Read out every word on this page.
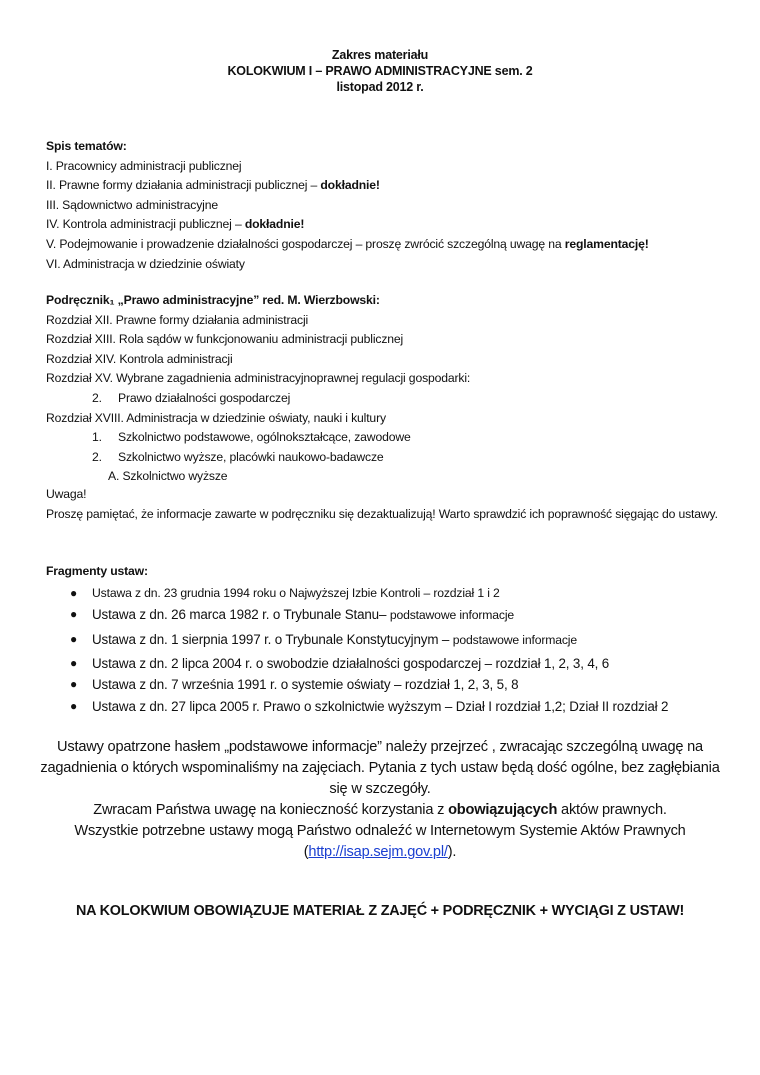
Zakres materiału
KOLOKWIUM I – PRAWO ADMINISTRACYJNE sem. 2
listopad 2012 r.
Spis tematów:
I. Pracownicy administracji publicznej
II. Prawne formy działania administracji publicznej – dokładnie!
III. Sądownictwo administracyjne
IV. Kontrola administracji publicznej – dokładnie!
V. Podejmowanie i prowadzenie działalności gospodarczej – proszę zwrócić szczególną uwagę na reglamentację!
VI. Administracja w dziedzinie oświaty
Podręcznik₁ „Prawo administracyjne” red. M. Wierzbowski:
Rozdział XII. Prawne formy działania administracji
Rozdział XIII. Rola sądów w funkcjonowaniu administracji publicznej
Rozdział XIV. Kontrola administracji
Rozdział XV. Wybrane zagadnienia administracyjnoprawnej regulacji gospodarki:
2. Prawo działalności gospodarczej
Rozdział XVIII. Administracja w dziedzinie oświaty, nauki i kultury
1. Szkolnictwo podstawowe, ogólnokształcące, zawodowe
2. Szkolnictwo wyższe, placówki naukowo-badawcze
A. Szkolnictwo wyższe
Uwaga!
Proszę pamiętać, że informacje zawarte w podręczniku się dezaktualizują! Warto sprawdzić ich poprawność sięgając do ustawy.
Fragmenty ustaw:
● Ustawa z dn. 23 grudnia 1994 roku o Najwyższej Izbie Kontroli – rozdział 1 i 2
● Ustawa z dn. 26 marca 1982 r. o Trybunale Stanu– podstawowe informacje
● Ustawa z dn. 1 sierpnia 1997 r. o Trybunale Konstytucyjnym – podstawowe informacje
● Ustawa z dn. 2 lipca 2004 r. o swobodzie działalności gospodarczej – rozdział 1, 2, 3, 4, 6
● Ustawa z dn. 7 września 1991 r. o systemie oświaty – rozdział 1, 2, 3, 5, 8
● Ustawa z dn. 27 lipca 2005 r. Prawo o szkolnictwie wyższym – Dział I rozdział 1,2; Dział II rozdział 2
Ustawy opatrzone hasłem „podstawowe informacje” należy przejrzeć , zwracając szczególną uwagę na zagadnienia o których wspominaliśmy na zajęciach. Pytania z tych ustaw będą dość ogólne, bez zagłębiania się w szczegóły.
Zwracam Państwa uwagę na konieczność korzystania z obowiązujących aktów prawnych.
Wszystkie potrzebne ustawy mogą Państwo odnaleźć w Internetowym Systemie Aktów Prawnych
(http://isap.sejm.gov.pl/).
NA KOLOKWIUM OBOWIĄZUJE MATERIAŁ Z ZAJĘĆ + PODRĘCZNIK + WYCIĄGI Z USTAW!
